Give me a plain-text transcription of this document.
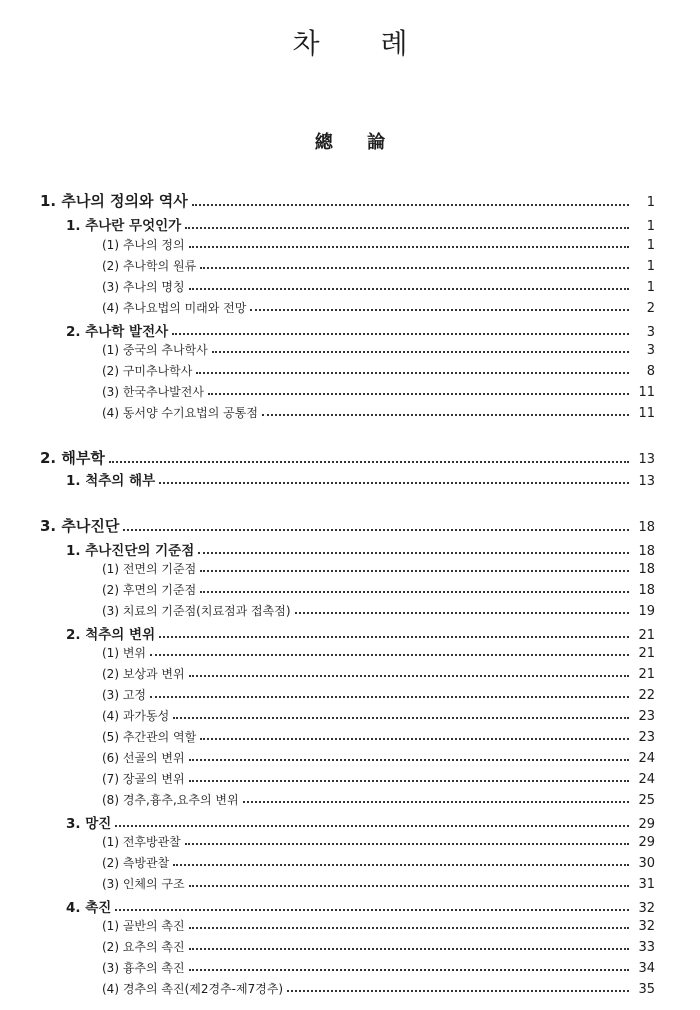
차 례
總 論
1. 추나의 정의와 역사	1
1. 추나란 무엇인가	1
(1) 추나의 정의	1
(2) 추나학의 원류	1
(3) 추나의 명칭	1
(4) 추나요법의 미래와 전망	2
2. 추나학 발전사	3
(1) 중국의 추나학사	3
(2) 구미추나학사	8
(3) 한국추나발전사	11
(4) 동서양 수기요법의 공통점	11
2. 해부학	13
1. 척추의 해부	13
3. 추나진단	18
1. 추나진단의 기준점	18
(1) 전면의 기준점	18
(2) 후면의 기준점	18
(3) 치료의 기준점(치료점과 접촉점)	19
2. 척추의 변위	21
(1) 변위	21
(2) 보상과 변위	21
(3) 고정	22
(4) 과가동성	23
(5) 추간관의 역할	23
(6) 선골의 변위	24
(7) 장골의 변위	24
(8) 경추,흉추,요추의 변위	25
3. 망진	29
(1) 전후방관찰	29
(2) 측방관찰	30
(3) 인체의 구조	31
4. 촉진	32
(1) 골반의 촉진	32
(2) 요추의 촉진	33
(3) 흉추의 촉진	34
(4) 경추의 촉진(제2경추-제7경추)	35
